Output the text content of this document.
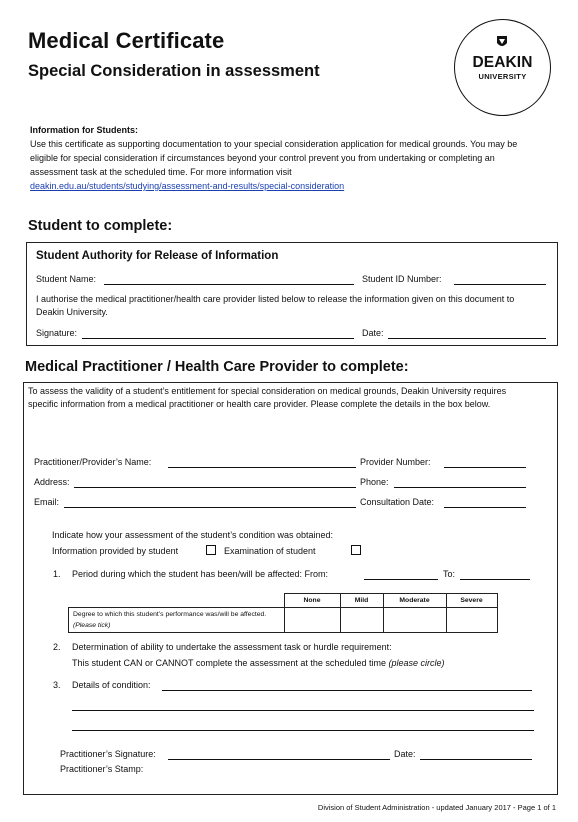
Medical Certificate
Special Consideration in assessment	DEAKIN
UNIVERSITY
Information for Students:
Use this certificate as supporting documentation to your special consideration application for medical grounds. You may be eligible for special consideration if circumstances beyond your control prevent you from undertaking or completing an assessment task at the scheduled time. For more information visit
deakin.edu.au/students/studying/assessment-and-results/special-consideration
Student to complete:
Student Authority for Release of Information
Student Name:	Student ID Number:
I authorise the medical practitioner/health care provider listed below to release the information given on this document to Deakin University.
Signature:	Date:
Medical Practitioner / Health Care Provider to complete:
To assess the validity of a student’s entitlement for special consideration on medical grounds, Deakin University requires specific information from a medical practitioner or health care provider. Please complete the details in the box below.
Practitioner/Provider’s Name:	Provider Number:
Address:	Phone:
Email:	Consultation Date:
Indicate how your assessment of the student’s condition was obtained:
Information provided by student	Examination of student
1. Period during which the student has been/will be affected: From:	To:
	None	Mild	Moderate	Severe
Degree to which this student’s performance was/will be affected. (Please tick)				
2. Determination of ability to undertake the assessment task or hurdle requirement:
This student CAN or CANNOT complete the assessment at the scheduled time (please circle)
3. Details of condition:
Practitioner’s Signature:	Date:
Practitioner’s Stamp:
Division of Student Administration - updated January 2017 - Page 1 of 1
